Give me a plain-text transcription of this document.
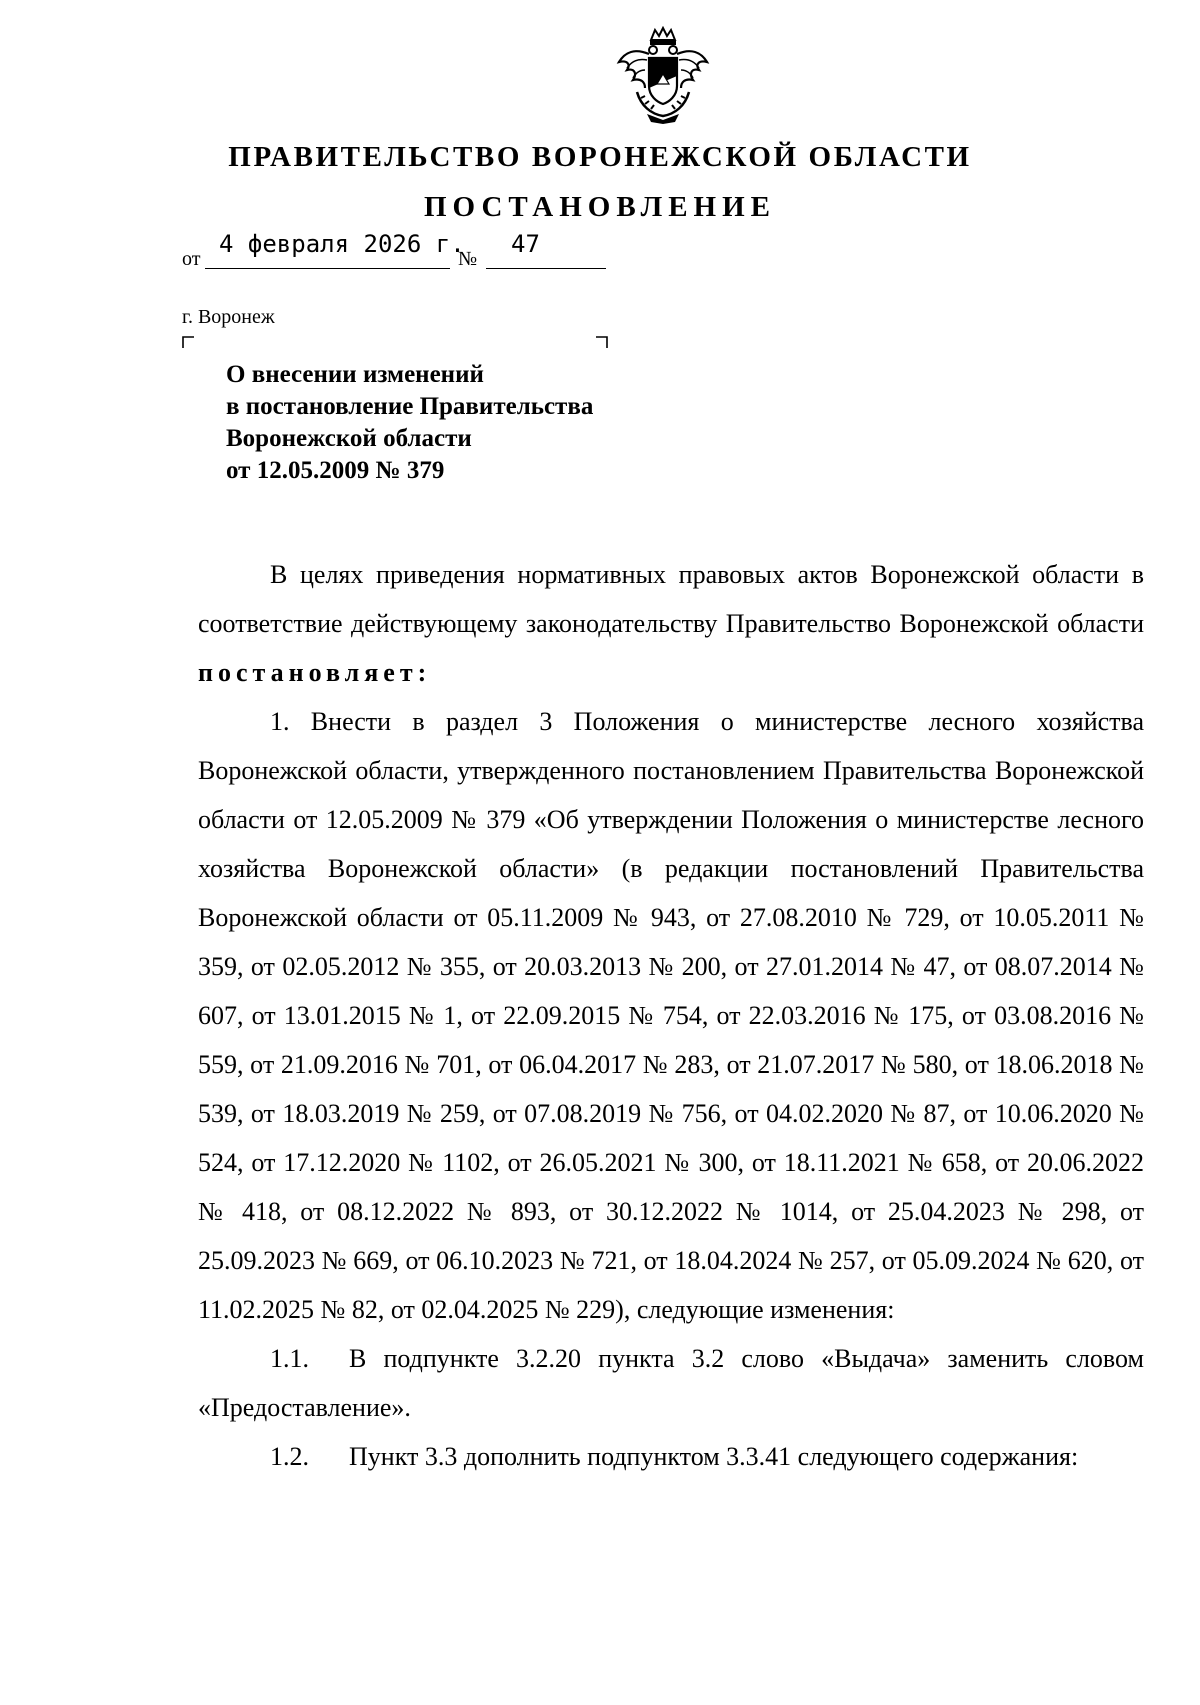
ПРАВИТЕЛЬСТВО ВОРОНЕЖСКОЙ ОБЛАСТИ
ПОСТАНОВЛЕНИЕ
от
4 февраля 2026 г.
№
47
г. Воронеж
О внесении изменений
в постановление Правительства
Воронежской области
от 12.05.2009 № 379

В целях приведения нормативных правовых актов Воронежской области в соответствие действующему законодательству Правительство Воронежской области постановляет:

1. Внести в раздел 3 Положения о министерстве лесного хозяйства Воронежской области, утвержденного постановлением Правительства Воронежской области от 12.05.2009 № 379 «Об утверждении Положения о министерстве лесного хозяйства Воронежской области» (в редакции постановлений Правительства Воронежской области от 05.11.2009 № 943, от 27.08.2010 № 729, от 10.05.2011 № 359, от 02.05.2012 № 355, от 20.03.2013 № 200, от 27.01.2014 № 47, от 08.07.2014 № 607, от 13.01.2015 № 1, от 22.09.2015 № 754, от 22.03.2016 № 175, от 03.08.2016 № 559, от 21.09.2016 № 701, от 06.04.2017 № 283, от 21.07.2017 № 580, от 18.06.2018 № 539, от 18.03.2019 № 259, от 07.08.2019 № 756, от 04.02.2020 № 87, от 10.06.2020 № 524, от 17.12.2020 № 1102, от 26.05.2021 № 300, от 18.11.2021 № 658, от 20.06.2022 № 418, от 08.12.2022 № 893, от 30.12.2022 № 1014, от 25.04.2023 № 298, от 25.09.2023 № 669, от 06.10.2023 № 721, от 18.04.2024 № 257, от 05.09.2024 № 620, от 11.02.2025 № 82, от 02.04.2025 № 229), следующие изменения:

1.1. В подпункте 3.2.20 пункта 3.2 слово «Выдача» заменить словом «Предоставление».

1.2. Пункт 3.3 дополнить подпунктом 3.3.41 следующего содержания:
